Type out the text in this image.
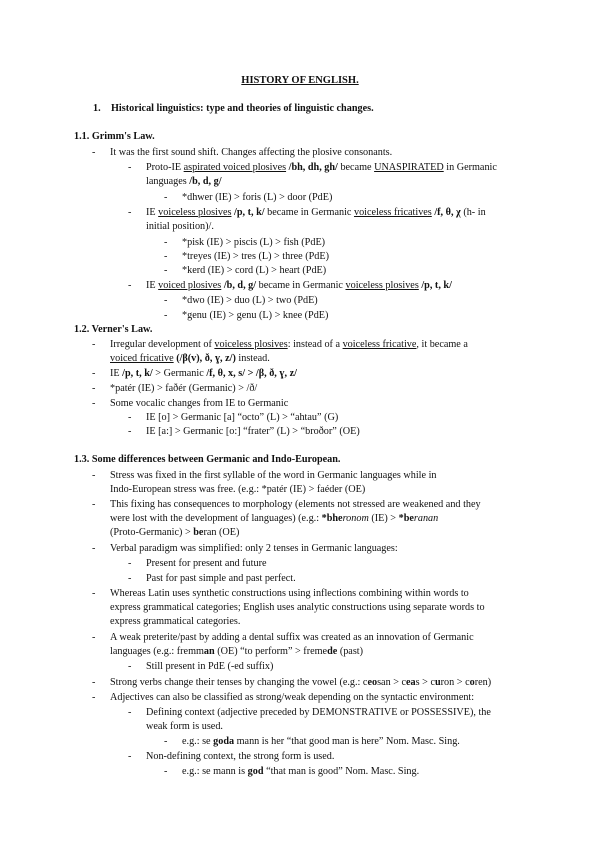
HISTORY OF ENGLISH.
1. Historical linguistics: type and theories of linguistic changes.
1.1. Grimm's Law.
- It was the first sound shift. Changes affecting the plosive consonants.
- Proto-IE aspirated voiced plosives /bh, dh, gh/ became UNASPIRATED in Germanic
languages /b, d, g/
- *dhwer (IE) > foris (L) > door (PdE)
- IE voiceless plosives /p, t, k/ became in Germanic voiceless fricatives /f, θ, χ (h- in
initial position)/.
- *pisk (IE) > piscis (L) > fish (PdE)
- *treyes (IE) > tres (L) > three (PdE)
- *kerd (IE) > cord (L) > heart (PdE)
- IE voiced plosives /b, d, g/ became in Germanic voiceless plosives /p, t, k/
- *dwo (IE) > duo (L) > two (PdE)
- *genu (IE) > genu (L) > knee (PdE)
1.2. Verner's Law.
- Irregular development of voiceless plosives: instead of a voiceless fricative, it became a
voiced fricative (/β(v), ð, ɣ, z/) instead.
- IE /p, t, k/ > Germanic /f, θ, x, s/ > /β, ð, ɣ, z/
- *patér (IE) > faðér (Germanic) > /ð/
- Some vocalic changes from IE to Germanic
- IE [o] > Germanic [a] “octo” (L) > “ahtau” (G)
- IE [a:] > Germanic [o:] “frater” (L) > “broðor” (OE)
1.3. Some differences between Germanic and Indo-European.
- Stress was fixed in the first syllable of the word in Germanic languages while in
Indo-European stress was free. (e.g.: *patér (IE) > faéder (OE)
- This fixing has consequences to morphology (elements not stressed are weakened and they
were lost with the development of languages) (e.g.: *bheronom (IE) > *beranan
(Proto-Germanic) > beran (OE)
- Verbal paradigm was simplified: only 2 tenses in Germanic languages:
- Present for present and future
- Past for past simple and past perfect.
- Whereas Latin uses synthetic constructions using inflections combining within words to
express grammatical categories; English uses analytic constructions using separate words to
express grammatical categories.
- A weak preterite/past by adding a dental suffix was created as an innovation of Germanic
languages (e.g.: fremman (OE) “to perform” > fremede (past)
- Still present in PdE (-ed suffix)
- Strong verbs change their tenses by changing the vowel (e.g.: ceosan > ceas > curon > coren)
- Adjectives can also be classified as strong/weak depending on the syntactic environment:
- Defining context (adjective preceded by DEMONSTRATIVE or POSSESSIVE), the
weak form is used.
- e.g.: se goda mann is her “that good man is here” Nom. Masc. Sing.
- Non-defining context, the strong form is used.
- e.g.: se mann is god “that man is good” Nom. Masc. Sing.
